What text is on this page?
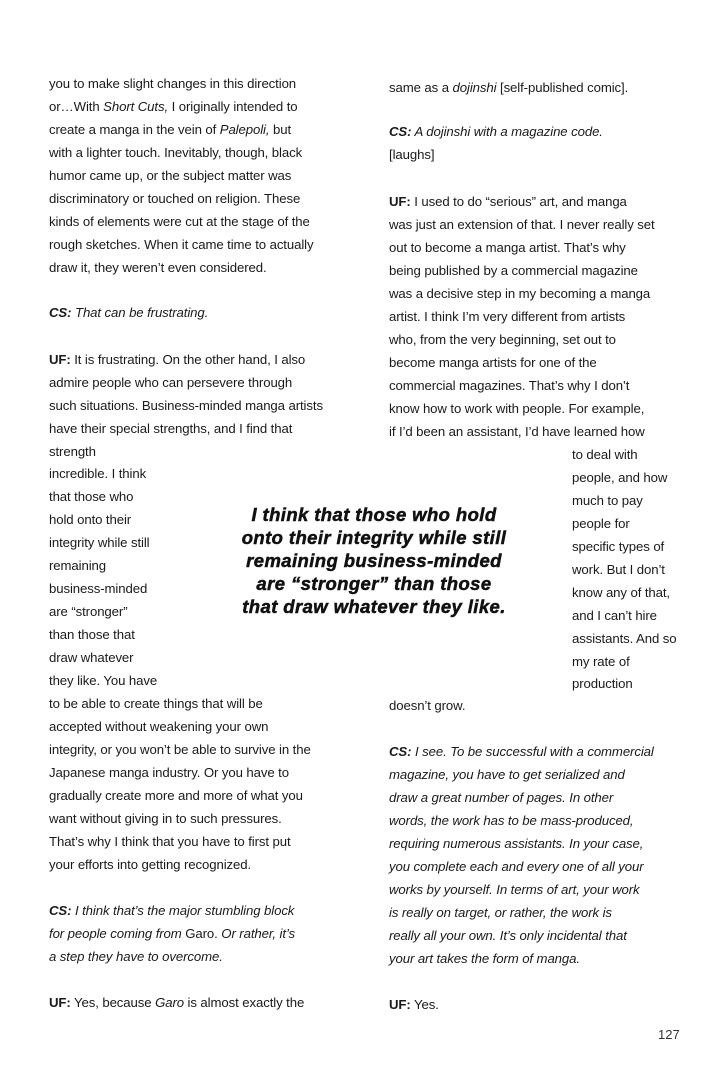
you to make slight changes in this direction
or…With Short Cuts, I originally intended to
create a manga in the vein of Palepoli, but
with a lighter touch. Inevitably, though, black
humor came up, or the subject matter was
discriminatory or touched on religion. These
kinds of elements were cut at the stage of the
rough sketches. When it came time to actually
draw it, they weren’t even considered.
CS: That can be frustrating.
UF: It is frustrating. On the other hand, I also
admire people who can persevere through
such situations. Business-minded manga artists
have their special strengths, and I find that
strength
incredible. I think
that those who
hold onto their
integrity while still
remaining
business-minded
are “stronger”
than those that
draw whatever
they like. You have
to be able to create things that will be
accepted without weakening your own
integrity, or you won’t be able to survive in the
Japanese manga industry. Or you have to
gradually create more and more of what you
want without giving in to such pressures.
That’s why I think that you have to first put
your efforts into getting recognized.
CS: I think that’s the major stumbling block
for people coming from Garo. Or rather, it’s
a step they have to overcome.
UF: Yes, because Garo is almost exactly the
I think that those who hold
onto their integrity while still
remaining business-minded
are “stronger” than those
that draw whatever they like.
same as a dojinshi [self-published comic].
CS: A dojinshi with a magazine code.
[laughs]
UF: I used to do “serious” art, and manga
was just an extension of that. I never really set
out to become a manga artist. That’s why
being published by a commercial magazine
was a decisive step in my becoming a manga
artist. I think I’m very different from artists
who, from the very beginning, set out to
become manga artists for one of the
commercial magazines. That’s why I don’t
know how to work with people. For example,
if I’d been an assistant, I’d have learned how
to deal with
people, and how
much to pay
people for
specific types of
work. But I don’t
know any of that,
and I can’t hire
assistants. And so
my rate of
production
doesn’t grow.
CS: I see. To be successful with a commercial
magazine, you have to get serialized and
draw a great number of pages. In other
words, the work has to be mass-produced,
requiring numerous assistants. In your case,
you complete each and every one of all your
works by yourself. In terms of art, your work
is really on target, or rather, the work is
really all your own. It’s only incidental that
your art takes the form of manga.
UF: Yes.
127
